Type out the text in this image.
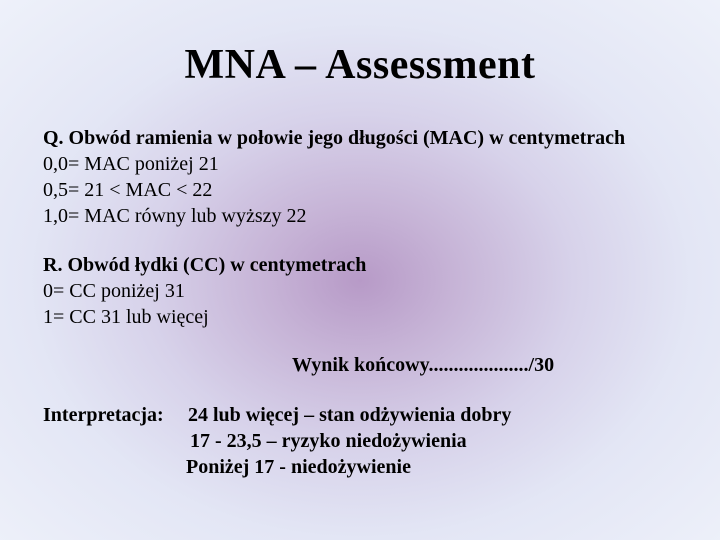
MNA – Assessment
Q. Obwód ramienia w połowie jego długości (MAC) w centymetrach
0,0= MAC poniżej 21
0,5= 21 < MAC < 22
1,0= MAC równy lub wyższy 22
R. Obwód łydki (CC) w centymetrach
0= CC poniżej 31
1= CC 31 lub więcej
Wynik końcowy..................../30
Interpretacja: 24 lub więcej – stan odżywienia dobry
17 - 23,5 – ryzyko niedożywienia
Poniżej 17 - niedożywienie
